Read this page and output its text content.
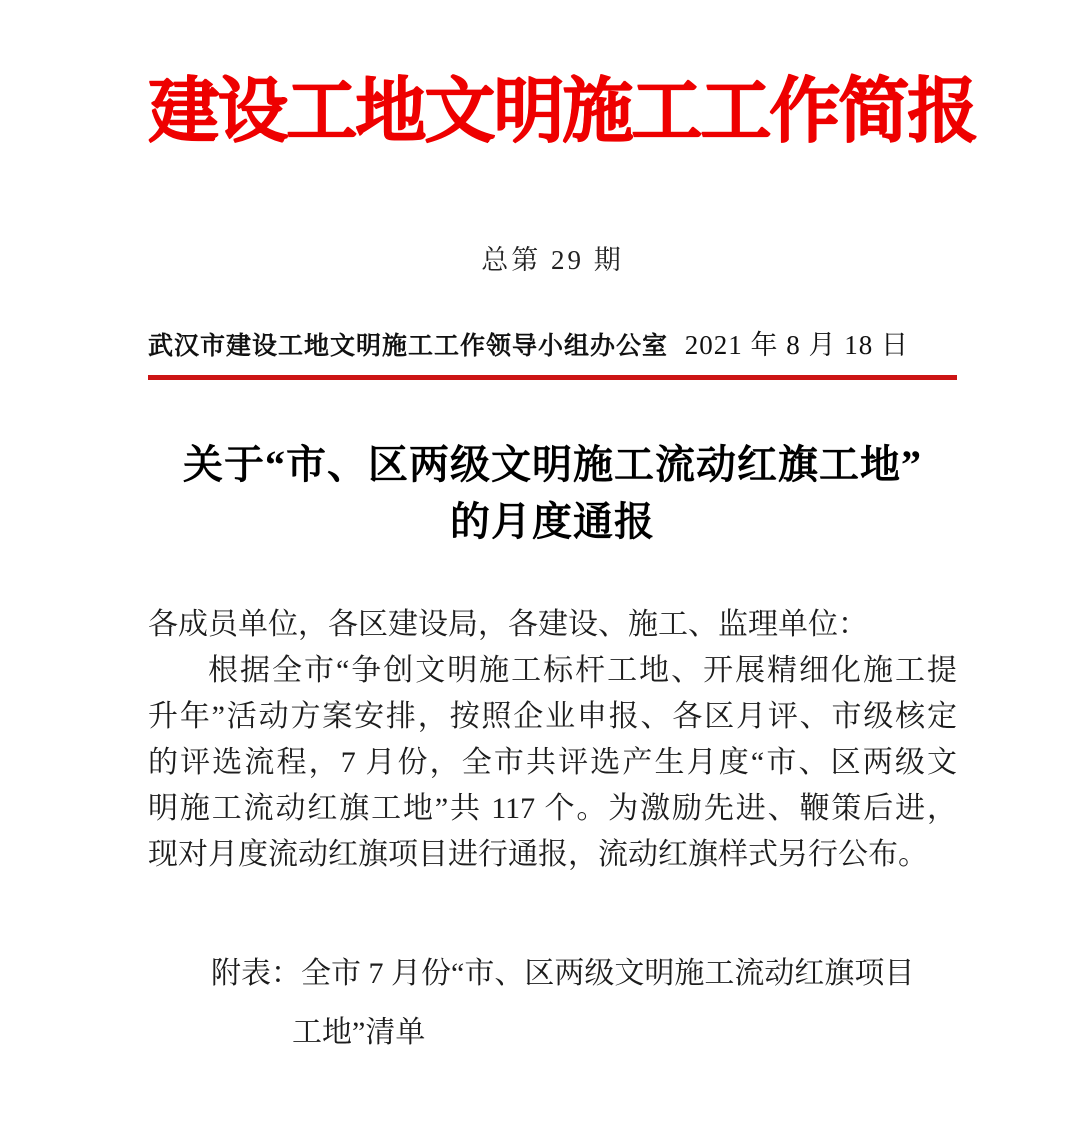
建设工地文明施工工作简报
总第 29 期
武汉市建设工地文明施工工作领导小组办公室 2021 年 8 月 18 日
关于“市、区两级文明施工流动红旗工地”
的月度通报
各成员单位，各区建设局，各建设、施工、监理单位：
根据全市“争创文明施工标杆工地、开展精细化施工提
升年”活动方案安排，按照企业申报、各区月评、市级核定
的评选流程，7 月份，全市共评选产生月度“市、区两级文
明施工流动红旗工地”共 117 个。为激励先进、鞭策后进，
现对月度流动红旗项目进行通报，流动红旗样式另行公布。
附表：全市 7 月份“市、区两级文明施工流动红旗项目
工地”清单
